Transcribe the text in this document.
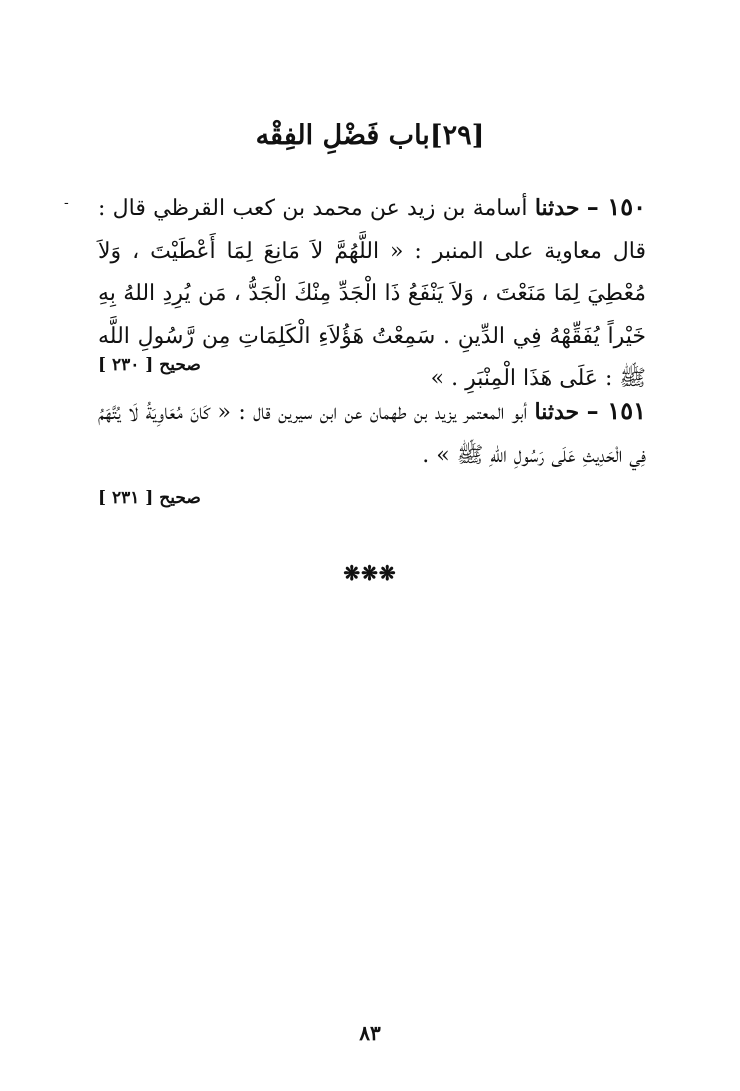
[٢٩]باب فَضْلِ الفِقْه
-	١٥٠ – حدثنا أسامة بن زيد عن محمد بن كعب القرظي قال : قال معاوية على المنبر : « اللَّهُمَّ لاَ مَانِعَ لِمَا أَعْطَيْتَ ، وَلاَ مُعْطِيَ لِمَا مَنَعْتَ ، وَلاَ يَنْفَعُ ذَا الْجَدِّ مِنْكَ الْجَدُّ ، مَن يُرِدِ اللهُ بِهِ خَيْراً يُفَقِّهْهُ فِي الدِّينِ . سَمِعْتُ هَؤُلاَءِ الْكَلِمَاتِ مِن رَّسُولِ اللَّه ﷺ : عَلَى هَذَا الْمِنْبَرِ . »

صحيح [ ٢٣٠ ]

١٥١ – حدثنا أبو المعتمر يزيد بن طهمان عن ابن سيرين قال : « كَانَ مُعَاوِيَةُ لَا يُتَّهَمُ فِي الْحَدِيثِ عَلَى رَسُولِ اللهِ ﷺ » .

صحيح [ ٢٣١ ]
❋❋❋
٨٣
